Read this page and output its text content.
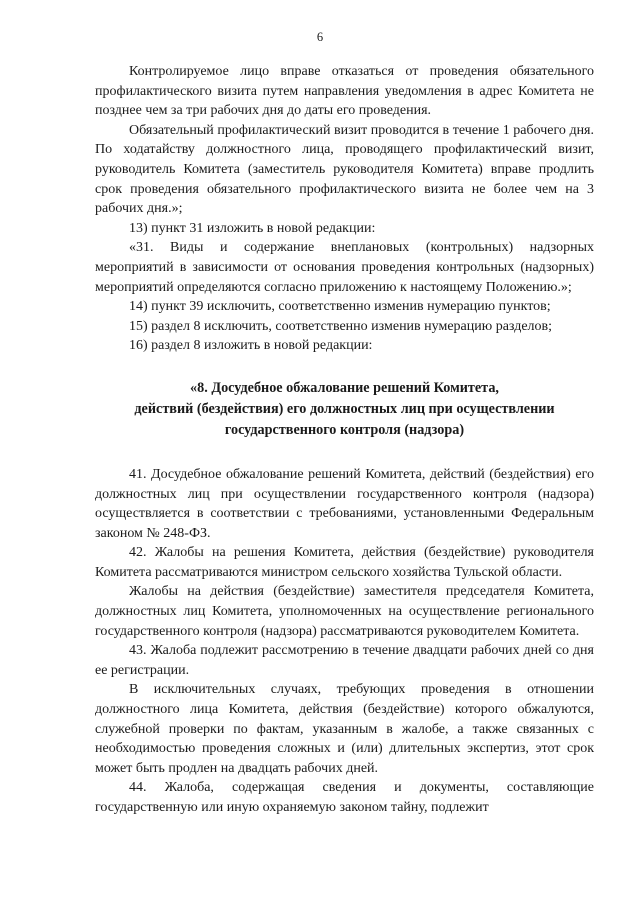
6

Контролируемое лицо вправе отказаться от проведения обязательного профилактического визита путем направления уведомления в адрес Комитета не позднее чем за три рабочих дня до даты его проведения.

Обязательный профилактический визит проводится в течение 1 рабочего дня. По ходатайству должностного лица, проводящего профилактический визит, руководитель Комитета (заместитель руководителя Комитета) вправе продлить срок проведения обязательного профилактического визита не более чем на 3 рабочих дня.»;

13) пункт 31 изложить в новой редакции:

«31. Виды и содержание внеплановых (контрольных) надзорных мероприятий в зависимости от основания проведения контрольных (надзорных) мероприятий определяются согласно приложению к настоящему Положению.»;

14) пункт 39 исключить, соответственно изменив нумерацию пунктов;

15) раздел 8 исключить, соответственно изменив нумерацию разделов;

16) раздел 8 изложить в новой редакции:

«8. Досудебное обжалование решений Комитета,
действий (бездействия) его должностных лиц при осуществлении
государственного контроля (надзора)

41. Досудебное обжалование решений Комитета, действий (бездействия) его должностных лиц при осуществлении государственного контроля (надзора) осуществляется в соответствии с требованиями, установленными Федеральным законом № 248-ФЗ.

42. Жалобы на решения Комитета, действия (бездействие) руководителя Комитета рассматриваются министром сельского хозяйства Тульской области.

Жалобы на действия (бездействие) заместителя председателя Комитета, должностных лиц Комитета, уполномоченных на осуществление регионального государственного контроля (надзора) рассматриваются руководителем Комитета.

43. Жалоба подлежит рассмотрению в течение двадцати рабочих дней со дня ее регистрации.

В исключительных случаях, требующих проведения в отношении должностного лица Комитета, действия (бездействие) которого обжалуются, служебной проверки по фактам, указанным в жалобе, а также связанных с необходимостью проведения сложных и (или) длительных экспертиз, этот срок может быть продлен на двадцать рабочих дней.

44. Жалоба, содержащая сведения и документы, составляющие государственную или иную охраняемую законом тайну, подлежит
